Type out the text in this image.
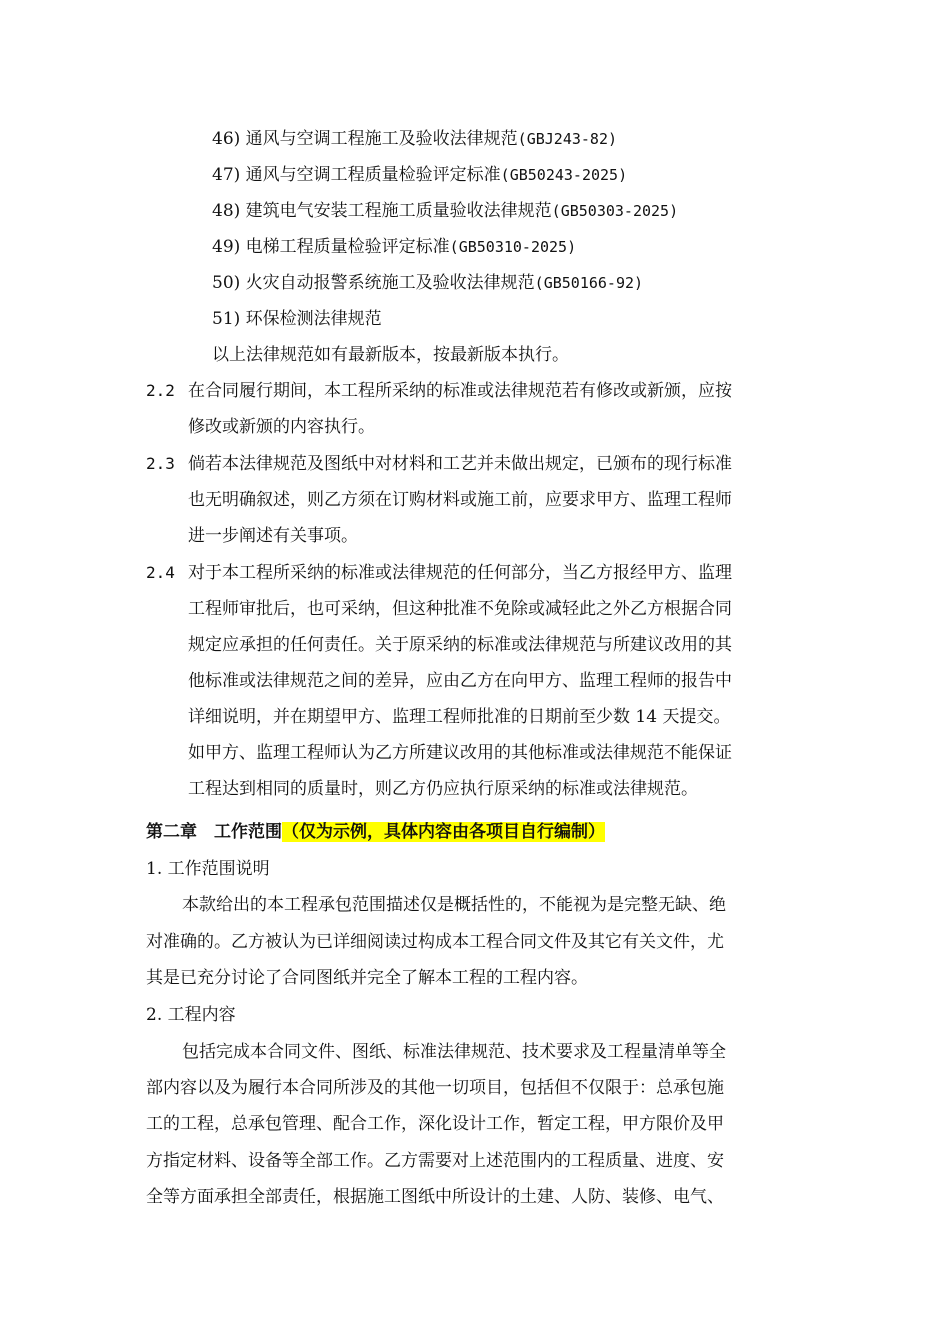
46) 通风与空调工程施工及验收法律规范(GBJ243-82)
47) 通风与空调工程质量检验评定标准(GB50243-2025)
48) 建筑电气安装工程施工质量验收法律规范(GB50303-2025)
49) 电梯工程质量检验评定标准(GB50310-2025)
50) 火灾自动报警系统施工及验收法律规范(GB50166-92)
51) 环保检测法律规范
以上法律规范如有最新版本，按最新版本执行。
2.2 在合同履行期间，本工程所采纳的标准或法律规范若有修改或新颁，应按
修改或新颁的内容执行。
2.3 倘若本法律规范及图纸中对材料和工艺并未做出规定，已颁布的现行标准
也无明确叙述，则乙方须在订购材料或施工前，应要求甲方、监理工程师
进一步阐述有关事项。
2.4 对于本工程所采纳的标准或法律规范的任何部分，当乙方报经甲方、监理
工程师审批后，也可采纳，但这种批准不免除或减轻此之外乙方根据合同
规定应承担的任何责任。关于原采纳的标准或法律规范与所建议改用的其
他标准或法律规范之间的差异，应由乙方在向甲方、监理工程师的报告中
详细说明，并在期望甲方、监理工程师批准的日期前至少数 14 天提交。
如甲方、监理工程师认为乙方所建议改用的其他标准或法律规范不能保证
工程达到相同的质量时，则乙方仍应执行原采纳的标准或法律规范。
第二章　工作范围（仅为示例，具体内容由各项目自行编制）
1. 工作范围说明
本款给出的本工程承包范围描述仅是概括性的，不能视为是完整无缺、绝
对准确的。乙方被认为已详细阅读过构成本工程合同文件及其它有关文件，尤
其是已充分讨论了合同图纸并完全了解本工程的工程内容。
2. 工程内容
包括完成本合同文件、图纸、标准法律规范、技术要求及工程量清单等全
部内容以及为履行本合同所涉及的其他一切项目，包括但不仅限于：总承包施
工的工程，总承包管理、配合工作，深化设计工作，暂定工程，甲方限价及甲
方指定材料、设备等全部工作。乙方需要对上述范围内的工程质量、进度、安
全等方面承担全部责任，根据施工图纸中所设计的土建、人防、装修、电气、
